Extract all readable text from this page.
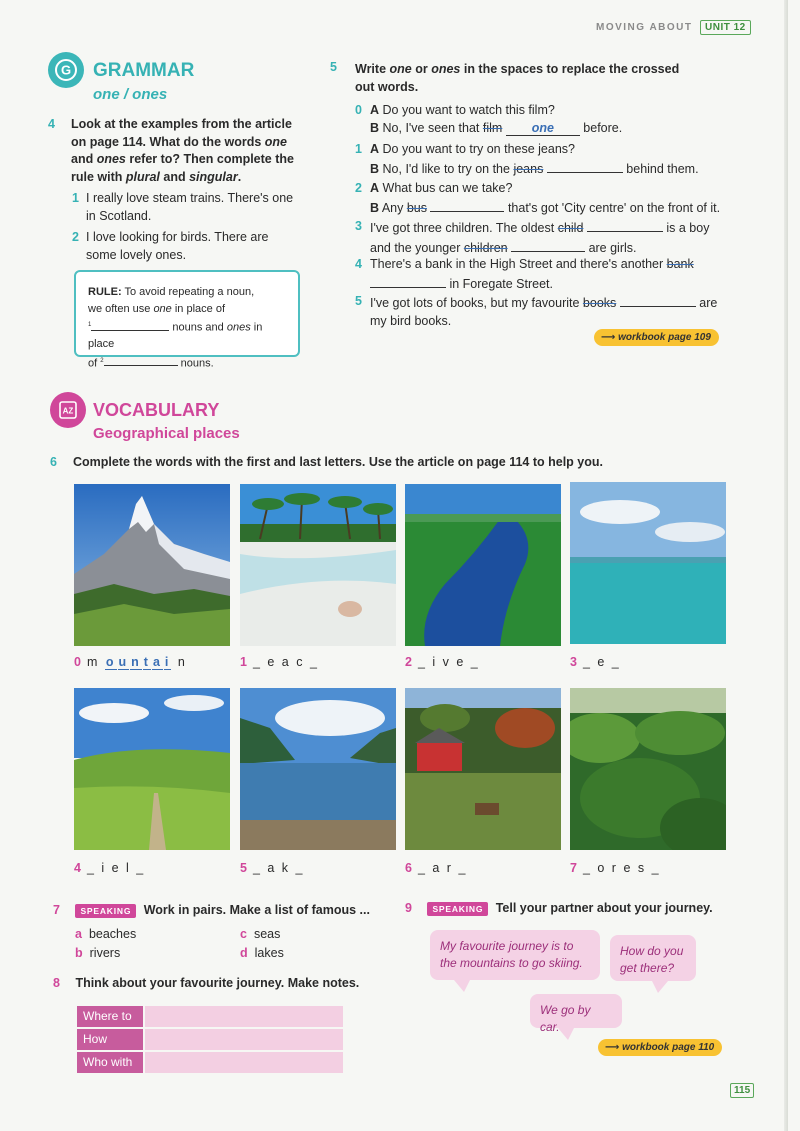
MOVING ABOUT	UNIT 12
G GRAMMAR
one / ones
4 Look at the examples from the article on page 114. What do the words one and ones refer to? Then complete the rule with plural and singular.
1 I really love steam trains. There's one in Scotland.
2 I love looking for birds. There are some lovely ones.
RULE: To avoid repeating a noun,
we often use one in place of
$^1$	nouns and ones in place
of $^2$	nouns.
5 Write one or ones in the spaces to replace the crossed out words.
0 A Do you want to watch this film?
B No, I've seen that film one before.
1 A Do you want to try on these jeans?
B No, I'd like to try on the jeans	behind them.
2 A What bus can we take?
B Any bus	that's got 'City centre' on the front of it.
3 I've got three children. The oldest child	is a boy
and the younger children	are girls.
4 There's a bank in the High Street and there's another bank
in Foregate Street.
5 I've got lots of books, but my favourite books	are
my bird books.
⟶ workbook page 109
AZ VOCABULARY
Geographical places
6 Complete the words with the first and last letters. Use the article on page 114 to help you.
0 m o u n t a i n	1 _ e a c _	2 _ i v e _	3 _ e _
4 _ i e l _	5 _ a k _	6 _ a r _	7 _ o r e s _
7 SPEAKING Work in pairs. Make a list of famous ...
a beaches
b rivers
c seas
d lakes
8 Think about your favourite journey. Make notes.
Where to
How
Who with
9 SPEAKING Tell your partner about your journey.
My favourite journey is to the mountains to go skiing.
How do you get there?
We go by car.
⟶ workbook page 110
115
